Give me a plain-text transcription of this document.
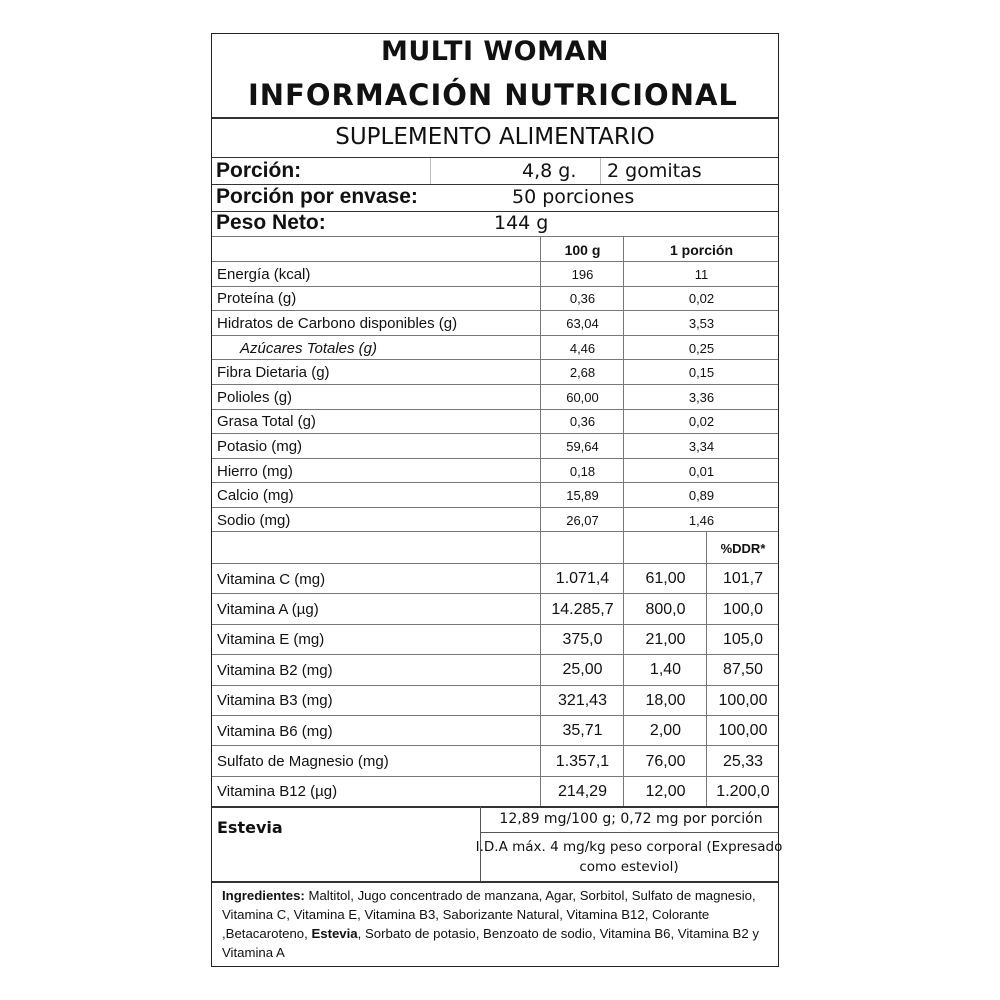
MULTI WOMAN
INFORMACIÓN NUTRICIONAL
SUPLEMENTO ALIMENTARIO
Porción:	4,8 g. 2 gomitas
Porción por envase:	50 porciones
Peso Neto:	144 g
100 g	1 porción
Energía (kcal)	196	11
Proteína (g)	0,36	0,02
Hidratos de Carbono disponibles (g)	63,04	3,53
Azúcares Totales (g)	4,46	0,25
Fibra Dietaria (g)	2,68	0,15
Polioles (g)	60,00	3,36
Grasa Total (g)	0,36	0,02
Potasio (mg)	59,64	3,34
Hierro (mg)	0,18	0,01
Calcio (mg)	15,89	0,89
Sodio (mg)	26,07	1,46
%DDR*
Vitamina C (mg)	1.071,4	61,00	101,7
Vitamina A (µg)	14.285,7	800,0	100,0
Vitamina E (mg)	375,0	21,00	105,0
Vitamina B2 (mg)	25,00	1,40	87,50
Vitamina B3 (mg)	321,43	18,00	100,00
Vitamina B6 (mg)	35,71	2,00	100,00
Sulfato de Magnesio (mg)	1.357,1	76,00	25,33
Vitamina B12 (µg)	214,29	12,00	1.200,0
Estevia	12,89 mg/100 g; 0,72 mg por porción
I.D.A máx. 4 mg/kg peso corporal (Expresado como esteviol)
Ingredientes: Maltitol, Jugo concentrado de manzana, Agar, Sorbitol, Sulfato de magnesio, Vitamina C, Vitamina E, Vitamina B3, Saborizante Natural, Vitamina B12, Colorante ,Betacaroteno, Estevia, Sorbato de potasio, Benzoato de sodio, Vitamina B6, Vitamina B2 y Vitamina A
